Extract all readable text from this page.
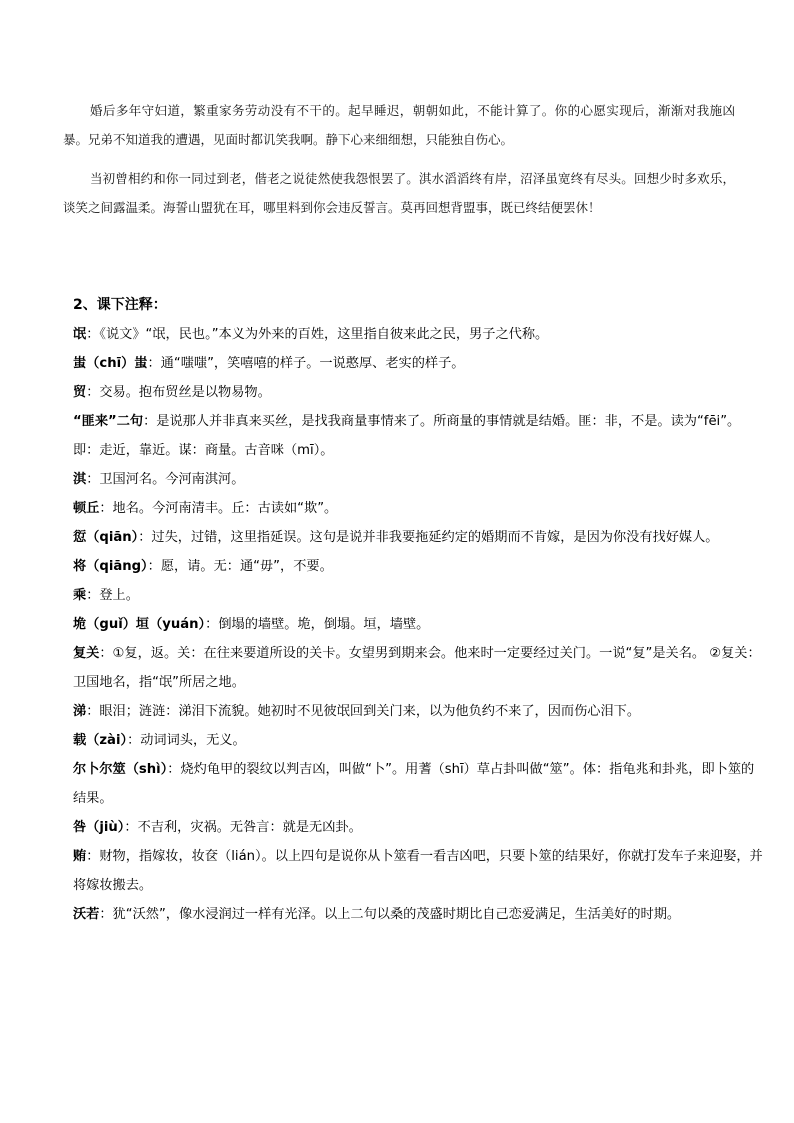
婚后多年守妇道，繁重家务劳动没有不干的。起早睡迟，朝朝如此，不能计算了。你的心愿实现后，渐渐对我施凶暴。兄弟不知道我的遭遇，见面时都讥笑我啊。静下心来细细想，只能独自伤心。

当初曾相约和你一同过到老，偕老之说徒然使我怨恨罢了。淇水滔滔终有岸，沼泽虽宽终有尽头。回想少时多欢乐，谈笑之间露温柔。海誓山盟犹在耳，哪里料到你会违反誓言。莫再回想背盟事，既已终结便罢休！

2、课下注释：
氓：《说文》“氓，民也。”本义为外来的百姓，这里指自彼来此之民，男子之代称。
蚩（chī）蚩：通“嗤嗤”，笑嘻嘻的样子。一说憨厚、老实的样子。
贸：交易。抱布贸丝是以物易物。
“匪来”二句：是说那人并非真来买丝，是找我商量事情来了。所商量的事情就是结婚。匪：非，不是。读为“fēi”。即：走近，靠近。谋：商量。古音咪（mī）。
淇：卫国河名。今河南淇河。
顿丘：地名。今河南清丰。丘：古读如“欺”。
愆（qiān）：过失，过错，这里指延误。这句是说并非我要拖延约定的婚期而不肯嫁，是因为你没有找好媒人。
将（qiāng）：愿，请。无：通“毋”，不要。
乘：登上。
垝（guǐ）垣（yuán）：倒塌的墙壁。垝，倒塌。垣，墙壁。
复关：①复，返。关：在往来要道所设的关卡。女望男到期来会。他来时一定要经过关门。一说“复”是关名。 ②复关：卫国地名，指“氓”所居之地。
涕：眼泪；涟涟：涕泪下流貌。她初时不见彼氓回到关门来，以为他负约不来了，因而伤心泪下。
载（zài）：动词词头，无义。
尔卜尔筮（shì）：烧灼龟甲的裂纹以判吉凶，叫做“卜”。用蓍（shī）草占卦叫做“筮”。体：指龟兆和卦兆，即卜筮的结果。
咎（jiù）：不吉利，灾祸。无咎言：就是无凶卦。
贿：财物，指嫁妆，妆奁（lián）。以上四句是说你从卜筮看一看吉凶吧，只要卜筮的结果好，你就打发车子来迎娶，并将嫁妆搬去。
沃若：犹“沃然”，像水浸润过一样有光泽。以上二句以桑的茂盛时期比自己恋爱满足，生活美好的时期。
